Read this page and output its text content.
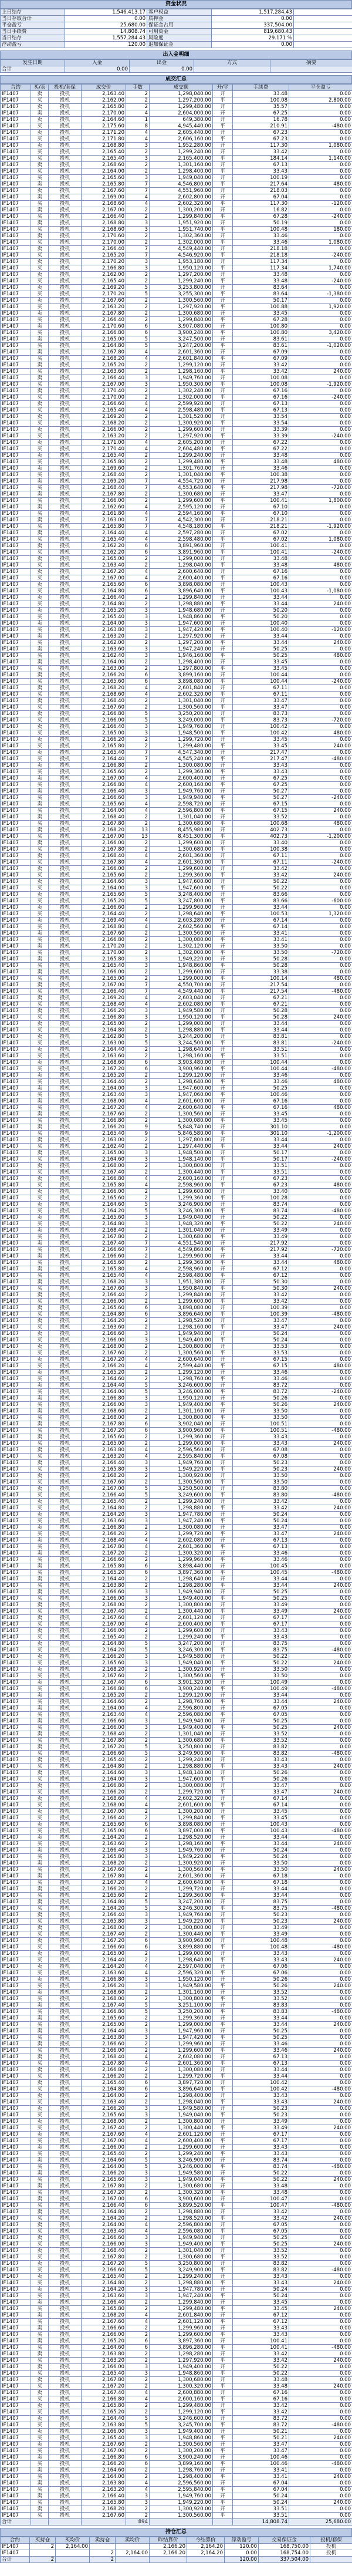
资金状况
上日结存	1,546,413.17	客户权益	1,517,284.43	
当日存取合计	0.00	质押金	0.00	
平仓盈亏	25,680.00	保证金占用	337,504.00	
当日手续费	14,808.74	可用资金	819,680.43	
当日结存	1,557,284.43	风险度	29.171 %	
浮动盈亏	120.00	追加保证金	0.00	
出入金明细
发生日期	入金	出金	方式	摘要
合计	0.00	0.00		
成交汇总
合约	买/卖	投机/套保	成交价	手数	成交额	开/平	手续费	平仓盈亏
IF1407	卖	投机	2,163.40	2	1,298,040.00	开	33.48	0.00
IF1407	买	投机	2,162.00	2	1,297,200.00	平	100.08	2,800.00
IF1407	卖	投机	2,165.80	2	1,299,480.00	开	35.57	0.00
IF1407	卖	投机	2,170.00	4	2,604,000.00	开	67.25	0.00
IF1407	卖	投机	2,164.60	1	649,380.00	开	16.78	0.00
IF1407	买	投机	2,175.60	8	4,945,440.00	平	210.91	-480.00
IF1407	卖	投机	2,171.20	4	2,605,440.00	开	67.23	0.00
IF1407	买	投机	2,171.80	4	2,606,160.00	平	67.23	0.00
IF1407	卖	投机	2,168.80	3	1,952,280.00	开	117.30	1,080.00
IF1407	买	投机	2,165.40	2	1,299,240.00	开	33.42	0.00
IF1407	买	投机	2,165.40	3	2,165,400.00	平	184.14	1,140.00
IF1407	卖	投机	2,168.60	2	1,301,160.00	开	67.13	0.00
IF1407	买	投机	2,164.00	2	1,298,400.00	平	33.43	0.00
IF1407	买	投机	2,165.60	3	1,949,040.00	开	100.19	0.00
IF1407	卖	投机	2,165.80	7	4,546,800.00	平	217.64	480.00
IF1407	卖	投机	2,167.60	7	4,551,960.00	开	218.03	0.00
IF1407	卖	投机	2,169.00	4	2,602,800.00	开	67.04	0.00
IF1407	买	投机	2,168.60	4	2,602,320.00	平	117.30	-120.00
IF1407	卖	投机	2,167.00	2	1,300,200.00	开	16.82	0.00
IF1407	买	投机	2,166.40	2	1,299,840.00	平	67.28	-240.00
IF1407	卖	投机	2,168.80	3	1,951,920.00	开	50.19	0.00
IF1407	买	投机	2,168.60	3	1,951,740.00	平	100.48	180.00
IF1407	卖	投机	2,170.60	2	1,302,360.00	开	33.46	0.00
IF1407	买	投机	2,170.00	2	1,302,000.00	平	33.46	1,080.00
IF1407	卖	投机	2,166.40	7	4,549,440.00	开	218.18	0.00
IF1407	买	投机	2,165.20	7	4,546,920.00	平	218.18	-240.00
IF1407	卖	投机	2,170.20	3	1,953,180.00	开	117.34	0.00
IF1407	买	投机	2,166.80	3	1,950,120.00	平	117.34	1,740.00
IF1407	卖	投机	2,162.00	2	1,297,200.00	开	33.48	0.00
IF1407	买	投机	2,165.40	2	1,299,240.00	平	33.48	-240.00
IF1407	卖	投机	2,169.20	5	3,253,800.00	开	83.64	0.00
IF1407	买	投机	2,170.20	5	3,255,300.00	平	83.64	-1,380.00
IF1407	卖	投机	2,167.60	2	1,300,560.00	开	50.17	0.00
IF1407	买	投机	2,163.20	2	1,297,920.00	平	100.88	1,920.00
IF1407	卖	投机	2,167.80	2	1,300,680.00	开	33.45	0.00
IF1407	买	投机	2,166.40	2	1,299,840.00	平	67.28	0.00
IF1407	卖	投机	2,170.60	6	3,907,080.00	开	100.80	0.00
IF1407	买	投机	2,166.80	6	3,900,240.00	平	100.80	3,420.00
IF1407	卖	投机	2,165.00	5	3,247,500.00	开	83.61	0.00
IF1407	买	投机	2,164.80	5	3,247,200.00	平	83.61	-1,020.00
IF1407	卖	投机	2,167.80	4	2,601,360.00	开	67.09	0.00
IF1407	买	投机	2,168.20	4	2,601,840.00	平	67.09	0.00
IF1407	卖	投机	2,165.20	2	1,299,120.00	开	33.42	0.00
IF1407	买	投机	2,163.60	2	1,298,160.00	平	33.42	240.00
IF1407	卖	投机	2,166.40	3	1,949,760.00	开	100.08	0.00
IF1407	买	投机	2,167.00	3	1,950,300.00	平	100.08	-1,920.00
IF1407	卖	投机	2,170.40	2	1,302,240.00	开	67.16	0.00
IF1407	买	投机	2,170.00	2	1,302,000.00	平	67.16	-240.00
IF1407	卖	投机	2,166.60	4	2,599,920.00	开	67.13	0.00
IF1407	买	投机	2,165.40	4	2,598,480.00	平	67.13	0.00
IF1407	卖	投机	2,169.20	2	1,301,520.00	开	33.54	0.00
IF1407	买	投机	2,168.20	2	1,300,920.00	平	33.54	0.00
IF1407	卖	投机	2,166.00	2	1,299,600.00	开	33.39	0.00
IF1407	买	投机	2,163.20	2	1,297,920.00	平	33.39	-240.00
IF1407	卖	投机	2,171.00	4	2,605,200.00	开	67.22	0.00
IF1407	买	投机	2,170.40	4	2,604,480.00	平	67.22	0.00
IF1407	卖	投机	2,165.40	2	1,299,240.00	开	33.48	0.00
IF1407	买	投机	2,165.80	2	1,299,480.00	平	33.48	480.00
IF1407	卖	投机	2,169.60	2	1,301,760.00	开	33.46	0.00
IF1407	买	投机	2,168.40	2	1,301,040.00	平	100.38	0.00
IF1407	卖	投机	2,169.20	7	4,554,720.00	开	217.98	0.00
IF1407	买	投机	2,168.40	7	4,553,640.00	平	217.98	-720.00
IF1407	卖	投机	2,167.80	2	1,300,680.00	开	33.47	0.00
IF1407	买	投机	2,166.00	2	1,299,600.00	平	100.41	1,800.00
IF1407	卖	投机	2,162.60	4	2,595,120.00	开	67.10	0.00
IF1407	买	投机	2,161.80	4	2,594,160.00	平	67.10	0.00
IF1407	卖	投机	2,163.00	7	4,542,300.00	开	218.21	0.00
IF1407	买	投机	2,165.80	7	4,548,180.00	平	218.21	-1,920.00
IF1407	卖	投机	2,164.40	4	2,597,280.00	开	67.02	0.00
IF1407	买	投机	2,165.40	4	2,598,480.00	平	67.02	1,080.00
IF1407	卖	投机	2,162.20	6	3,891,960.00	开	100.41	0.00
IF1407	买	投机	2,162.20	6	3,891,960.00	平	100.41	-240.00
IF1407	卖	投机	2,165.00	2	1,299,000.00	开	33.48	0.00
IF1407	买	投机	2,163.40	2	1,298,040.00	平	33.48	480.00
IF1407	卖	投机	2,167.20	4	2,600,640.00	开	67.16	0.00
IF1407	买	投机	2,167.00	4	2,600,400.00	平	67.16	0.00
IF1407	卖	投机	2,165.60	6	3,898,080.00	开	100.43	0.00
IF1407	买	投机	2,164.80	6	3,896,640.00	平	100.43	-1,080.00
IF1407	卖	投机	2,166.40	2	1,299,840.00	开	33.44	0.00
IF1407	买	投机	2,164.80	2	1,298,880.00	平	33.44	240.00
IF1407	卖	投机	2,165.20	3	1,948,680.00	开	50.20	0.00
IF1407	买	投机	2,165.40	3	1,948,860.00	平	50.20	0.00
IF1407	卖	投机	2,164.00	3	1,947,600.00	开	100.40	0.00
IF1407	买	投机	2,163.80	3	1,947,420.00	平	100.40	-120.00
IF1407	卖	投机	2,163.20	2	1,297,920.00	开	33.44	0.00
IF1407	买	投机	2,162.00	2	1,297,200.00	平	33.44	240.00
IF1407	卖	投机	2,163.60	3	1,947,240.00	开	50.25	0.00
IF1407	买	投机	2,162.40	3	1,946,160.00	平	50.25	480.00
IF1407	卖	投机	2,164.00	2	1,298,400.00	开	33.45	0.00
IF1407	买	投机	2,163.00	2	1,297,800.00	平	33.45	0.00
IF1407	卖	投机	2,166.20	6	3,899,160.00	开	100.44	0.00
IF1407	买	投机	2,165.60	6	3,898,080.00	平	100.44	-240.00
IF1407	卖	投机	2,168.20	4	2,601,840.00	开	67.11	0.00
IF1407	买	投机	2,168.60	4	2,602,320.00	平	67.11	0.00
IF1407	卖	投机	2,168.40	2	1,301,040.00	开	33.47	0.00
IF1407	买	投机	2,167.60	2	1,300,560.00	平	33.47	0.00
IF1407	卖	投机	2,166.80	5	3,250,200.00	开	83.73	0.00
IF1407	买	投机	2,166.00	5	3,249,000.00	平	83.73	-720.00
IF1407	卖	投机	2,166.40	3	1,949,760.00	开	100.42	0.00
IF1407	买	投机	2,165.00	3	1,948,500.00	平	100.42	480.00
IF1407	卖	投机	2,166.20	2	1,299,720.00	开	33.45	0.00
IF1407	买	投机	2,165.80	2	1,299,480.00	平	33.45	240.00
IF1407	卖	投机	2,165.40	7	4,547,340.00	开	217.47	0.00
IF1407	买	投机	2,164.40	7	4,545,240.00	平	217.47	-480.00
IF1407	卖	投机	2,166.80	2	1,300,080.00	开	33.43	0.00
IF1407	买	投机	2,165.60	2	1,299,360.00	平	33.43	0.00
IF1407	卖	投机	2,167.00	4	2,600,400.00	开	67.25	0.00
IF1407	买	投机	2,166.80	4	2,600,160.00	平	67.25	0.00
IF1407	卖	投机	2,166.40	3	1,949,760.00	开	50.27	0.00
IF1407	买	投机	2,166.60	3	1,949,940.00	平	50.27	-240.00
IF1407	卖	投机	2,165.60	4	2,598,720.00	开	67.15	0.00
IF1407	买	投机	2,164.00	4	2,596,800.00	平	67.15	240.00
IF1407	卖	投机	2,168.40	2	1,301,040.00	开	33.52	0.00
IF1407	买	投机	2,167.80	2	1,300,680.00	平	100.68	480.00
IF1407	卖	投机	2,168.20	13	8,455,980.00	开	402.73	0.00
IF1407	买	投机	2,167.00	13	8,451,300.00	平	402.73	-1,200.00
IF1407	卖	投机	2,166.00	2	1,299,600.00	开	33.40	0.00
IF1407	买	投机	2,167.80	2	1,300,680.00	平	100.38	0.00
IF1407	卖	投机	2,168.40	4	2,601,360.00	开	67.11	0.00
IF1407	买	投机	2,167.80	4	2,601,360.00	平	67.11	-240.00
IF1407	卖	投机	2,166.00	2	1,299,600.00	开	33.42	0.00
IF1407	买	投机	2,165.60	2	1,299,360.00	平	33.42	240.00
IF1407	卖	投机	2,164.60	3	1,947,600.00	开	50.22	0.00
IF1407	买	投机	2,164.00	3	1,947,600.00	平	50.22	0.00
IF1407	卖	投机	2,165.60	5	3,248,400.00	开	83.66	0.00
IF1407	买	投机	2,165.20	5	3,247,800.00	平	83.66	-600.00
IF1407	卖	投机	2,166.60	2	1,299,960.00	开	33.44	0.00
IF1407	买	投机	2,164.40	2	1,298,640.00	平	100.53	1,320.00
IF1407	卖	投机	2,169.40	4	2,603,280.00	开	67.14	0.00
IF1407	买	投机	2,168.80	4	2,602,560.00	平	67.14	0.00
IF1407	卖	投机	2,167.60	2	1,300,560.00	开	33.41	0.00
IF1407	买	投机	2,166.80	2	1,300,080.00	平	33.41	0.00
IF1407	卖	投机	2,170.20	2	1,302,120.00	开	33.50	0.00
IF1407	买	投机	2,170.00	2	1,302,000.00	平	33.50	-720.00
IF1407	卖	投机	2,165.80	3	1,949,220.00	开	50.28	0.00
IF1407	买	投机	2,165.40	3	1,948,860.00	平	50.28	0.00
IF1407	卖	投机	2,166.00	2	1,299,600.00	开	33.38	0.00
IF1407	买	投机	2,165.00	2	1,299,000.00	平	100.14	480.00
IF1407	卖	投机	2,167.00	7	4,550,700.00	开	217.54	0.00
IF1407	买	投机	2,166.40	7	4,549,440.00	平	217.54	-480.00
IF1407	卖	投机	2,169.20	4	2,603,040.00	开	67.21	0.00
IF1407	买	投机	2,168.40	4	2,602,080.00	平	67.21	0.00
IF1407	卖	投机	2,166.20	3	1,949,580.00	开	50.28	0.00
IF1407	买	投机	2,166.80	3	1,950,120.00	平	50.28	240.00
IF1407	卖	投机	2,165.00	2	1,299,000.00	开	33.44	0.00
IF1407	买	投机	2,164.80	2	1,298,880.00	平	33.44	0.00
IF1407	卖	投机	2,162.80	5	3,244,200.00	开	83.81	0.00
IF1407	买	投机	2,163.00	5	3,244,500.00	平	83.81	-240.00
IF1407	卖	投机	2,164.40	2	1,298,640.00	开	33.51	0.00
IF1407	买	投机	2,163.60	2	1,298,160.00	平	33.51	0.00
IF1407	卖	投机	2,168.60	6	3,903,480.00	开	100.44	0.00
IF1407	买	投机	2,167.20	6	3,900,960.00	平	100.44	-480.00
IF1407	卖	投机	2,165.20	2	1,299,120.00	开	33.46	0.00
IF1407	买	投机	2,164.40	2	1,298,640.00	平	33.46	480.00
IF1407	卖	投机	2,164.00	3	1,947,600.00	开	50.25	0.00
IF1407	买	投机	2,163.40	3	1,947,060.00	平	100.46	0.00
IF1407	卖	投机	2,168.00	4	2,601,600.00	开	67.16	0.00
IF1407	买	投机	2,167.20	4	2,600,640.00	平	67.16	480.00
IF1407	卖	投机	2,167.60	2	1,300,560.00	开	33.45	0.00
IF1407	买	投机	2,166.80	2	1,300,080.00	平	33.45	0.00
IF1407	卖	投机	2,166.20	9	5,848,740.00	开	301.10	0.00
IF1407	买	投机	2,165.40	9	5,846,580.00	平	301.10	-1,200.00
IF1407	卖	投机	2,163.00	2	1,297,800.00	开	33.44	0.00
IF1407	买	投机	2,162.40	2	1,297,440.00	平	33.44	240.00
IF1407	卖	投机	2,165.00	3	1,948,500.00	开	50.17	0.00
IF1407	买	投机	2,164.60	3	1,948,140.00	平	50.17	-240.00
IF1407	卖	投机	2,168.00	2	1,300,800.00	开	33.51	0.00
IF1407	买	投机	2,167.40	2	1,300,440.00	平	33.51	0.00
IF1407	卖	投机	2,166.80	4	2,600,160.00	开	67.23	0.00
IF1407	买	投机	2,165.80	4	2,598,960.00	平	67.23	480.00
IF1407	卖	投机	2,166.00	2	1,299,600.00	开	33.40	0.00
IF1407	买	投机	2,165.60	2	1,299,360.00	平	100.28	0.00
IF1407	卖	投机	2,164.60	5	3,246,900.00	开	83.74	0.00
IF1407	买	投机	2,164.20	5	3,246,300.00	平	83.74	-480.00
IF1407	卖	投机	2,165.60	3	1,949,040.00	开	50.22	0.00
IF1407	买	投机	2,164.80	3	1,948,320.00	平	50.22	240.00
IF1407	卖	投机	2,168.40	2	1,301,040.00	开	33.49	0.00
IF1407	买	投机	2,167.80	2	1,300,680.00	平	33.49	0.00
IF1407	卖	投机	2,167.40	7	4,551,540.00	开	217.92	0.00
IF1407	买	投机	2,166.60	7	4,549,860.00	平	217.92	-720.00
IF1407	卖	投机	2,166.60	2	1,299,960.00	开	33.44	0.00
IF1407	买	投机	2,165.60	2	1,299,360.00	平	33.44	480.00
IF1407	卖	投机	2,165.80	4	2,598,960.00	开	67.12	0.00
IF1407	买	投机	2,165.40	4	2,598,480.00	平	67.12	0.00
IF1407	卖	投机	2,168.20	3	1,951,380.00	开	50.30	0.00
IF1407	买	投机	2,167.60	3	1,950,840.00	平	50.30	240.00
IF1407	卖	投机	2,166.40	2	1,299,840.00	开	33.42	0.00
IF1407	买	投机	2,166.00	2	1,299,600.00	平	33.42	0.00
IF1407	卖	投机	2,165.60	6	3,898,080.00	开	100.39	0.00
IF1407	买	投机	2,164.80	6	3,896,640.00	平	100.39	-480.00
IF1407	卖	投机	2,164.20	2	1,298,520.00	开	33.47	0.00
IF1407	买	投机	2,163.60	2	1,298,160.00	平	33.47	240.00
IF1407	卖	投机	2,166.60	3	1,949,940.00	开	50.24	0.00
IF1407	买	投机	2,166.00	3	1,949,400.00	平	50.24	0.00
IF1407	卖	投机	2,168.00	2	1,300,800.00	开	33.53	0.00
IF1407	买	投机	2,167.60	2	1,300,560.00	平	33.53	0.00
IF1407	卖	投机	2,167.20	4	2,600,640.00	开	67.15	0.00
IF1407	买	投机	2,166.20	4	2,599,440.00	平	67.15	480.00
IF1407	卖	投机	2,165.20	2	1,299,120.00	开	33.46	0.00
IF1407	买	投机	2,164.60	2	1,298,760.00	平	33.46	0.00
IF1407	卖	投机	2,164.40	5	3,246,600.00	开	83.72	0.00
IF1407	买	投机	2,164.00	5	3,246,000.00	平	83.72	-240.00
IF1407	卖	投机	2,166.80	3	1,950,120.00	开	50.26	0.00
IF1407	买	投机	2,166.00	3	1,949,400.00	平	50.26	240.00
IF1407	卖	投机	2,168.60	2	1,301,160.00	开	33.50	0.00
IF1407	买	投机	2,168.00	2	1,300,800.00	平	33.50	0.00
IF1407	卖	投机	2,167.80	6	3,902,040.00	开	100.51	0.00
IF1407	买	投机	2,167.20	6	3,900,960.00	平	100.51	-480.00
IF1407	卖	投机	2,165.60	2	1,299,360.00	开	33.43	0.00
IF1407	买	投机	2,165.00	2	1,299,000.00	平	33.43	240.00
IF1407	卖	投机	2,163.80	4	2,596,560.00	开	67.08	0.00
IF1407	买	投机	2,163.20	4	2,595,840.00	平	67.08	0.00
IF1407	卖	投机	2,166.40	3	1,949,760.00	开	50.23	0.00
IF1407	买	投机	2,165.80	3	1,949,220.00	平	50.23	240.00
IF1407	卖	投机	2,168.20	2	1,300,920.00	开	33.50	0.00
IF1407	买	投机	2,167.60	2	1,300,560.00	平	33.50	0.00
IF1407	卖	投机	2,167.00	5	3,250,500.00	开	83.80	0.00
IF1407	买	投机	2,166.40	5	3,249,600.00	平	83.80	-480.00
IF1407	卖	投机	2,165.40	2	1,299,240.00	开	33.42	0.00
IF1407	买	投机	2,164.80	2	1,298,880.00	平	33.42	240.00
IF1407	卖	投机	2,164.20	3	1,947,780.00	开	50.24	0.00
IF1407	买	投机	2,163.60	3	1,947,240.00	平	50.24	0.00
IF1407	卖	投机	2,166.80	2	1,300,080.00	开	33.47	0.00
IF1407	买	投机	2,166.20	2	1,299,720.00	平	33.47	240.00
IF1407	卖	投机	2,168.40	4	2,602,080.00	开	67.13	0.00
IF1407	买	投机	2,167.80	4	2,601,360.00	平	67.13	0.00
IF1407	卖	投机	2,167.20	2	1,300,320.00	开	33.46	0.00
IF1407	买	投机	2,166.60	2	1,299,960.00	平	33.46	0.00
IF1407	卖	投机	2,165.80	6	3,898,440.00	开	100.45	0.00
IF1407	买	投机	2,165.20	6	3,897,360.00	平	100.45	-480.00
IF1407	卖	投机	2,164.40	2	1,298,640.00	开	33.44	0.00
IF1407	买	投机	2,163.80	2	1,298,280.00	平	33.44	240.00
IF1407	卖	投机	2,166.60	3	1,949,940.00	开	50.25	0.00
IF1407	买	投机	2,166.00	3	1,949,400.00	平	50.25	0.00
IF1407	卖	投机	2,168.00	2	1,300,800.00	开	33.49	0.00
IF1407	买	投机	2,167.40	2	1,300,440.00	平	33.49	240.00
IF1407	卖	投机	2,167.60	4	2,601,120.00	开	67.17	0.00
IF1407	买	投机	2,167.00	4	2,600,400.00	平	67.17	0.00
IF1407	卖	投机	2,166.00	2	1,299,600.00	开	33.43	0.00
IF1407	买	投机	2,165.40	2	1,299,240.00	平	33.43	0.00
IF1407	卖	投机	2,164.80	5	3,247,200.00	开	83.75	0.00
IF1407	买	投机	2,164.20	5	3,246,300.00	平	83.75	-480.00
IF1407	卖	投机	2,166.20	3	1,949,580.00	开	50.22	0.00
IF1407	买	投机	2,165.60	3	1,949,040.00	平	50.22	240.00
IF1407	卖	投机	2,168.20	2	1,300,920.00	开	33.50	0.00
IF1407	买	投机	2,167.60	2	1,300,560.00	平	33.50	0.00
IF1407	卖	投机	2,167.40	6	3,901,320.00	开	100.49	0.00
IF1407	买	投机	2,166.80	6	3,900,240.00	平	100.49	-480.00
IF1407	卖	投机	2,165.20	2	1,299,120.00	开	33.44	0.00
IF1407	买	投机	2,164.60	2	1,298,760.00	平	33.44	240.00
IF1407	卖	投机	2,164.00	4	2,596,800.00	开	67.05	0.00
IF1407	买	投机	2,163.40	4	2,596,080.00	平	67.05	0.00
IF1407	卖	投机	2,166.60	3	1,949,940.00	开	50.25	0.00
IF1407	买	投机	2,166.00	3	1,949,400.00	平	50.25	240.00
IF1407	卖	投机	2,168.40	2	1,301,040.00	开	33.52	0.00
IF1407	买	投机	2,167.80	2	1,300,680.00	平	33.52	0.00
IF1407	卖	投机	2,167.20	5	3,250,800.00	开	83.82	0.00
IF1407	买	投机	2,166.60	5	3,249,900.00	平	83.82	-480.00
IF1407	卖	投机	2,165.40	2	1,299,240.00	开	33.43	0.00
IF1407	买	投机	2,164.80	2	1,298,880.00	平	33.43	240.00
IF1407	卖	投机	2,164.60	3	1,948,140.00	开	50.26	0.00
IF1407	买	投机	2,164.00	3	1,947,600.00	平	50.26	0.00
IF1407	卖	投机	2,166.80	2	1,300,080.00	开	33.47	0.00
IF1407	买	投机	2,166.20	2	1,299,720.00	平	33.47	240.00
IF1407	卖	投机	2,168.60	4	2,602,320.00	开	67.14	0.00
IF1407	买	投机	2,168.00	4	2,601,600.00	平	67.14	0.00
IF1407	卖	投机	2,167.00	2	1,300,200.00	开	33.45	0.00
IF1407	买	投机	2,166.40	2	1,299,840.00	平	33.45	0.00
IF1407	卖	投机	2,165.60	6	3,898,080.00	开	100.43	0.00
IF1407	买	投机	2,165.00	6	3,897,000.00	平	100.43	-480.00
IF1407	卖	投机	2,164.20	2	1,298,520.00	开	33.44	0.00
IF1407	买	投机	2,163.60	2	1,298,160.00	平	33.44	240.00
IF1407	卖	投机	2,166.40	3	1,949,760.00	开	50.24	0.00
IF1407	买	投机	2,165.80	3	1,949,220.00	平	50.24	0.00
IF1407	卖	投机	2,168.20	2	1,300,920.00	开	33.50	0.00
IF1407	买	投机	2,167.60	2	1,300,560.00	平	33.50	240.00
IF1407	卖	投机	2,167.80	4	2,601,360.00	开	67.18	0.00
IF1407	买	投机	2,167.20	4	2,600,640.00	平	67.18	0.00
IF1407	卖	投机	2,166.20	2	1,299,720.00	开	33.44	0.00
IF1407	买	投机	2,165.60	2	1,299,360.00	平	33.44	0.00
IF1407	卖	投机	2,164.80	5	3,247,200.00	开	83.75	0.00
IF1407	买	投机	2,164.20	5	3,246,300.00	平	83.75	-480.00
IF1407	卖	投机	2,166.40	3	1,949,760.00	开	50.23	0.00
IF1407	买	投机	2,165.80	3	1,949,220.00	平	50.23	240.00
IF1407	卖	投机	2,168.00	2	1,300,800.00	开	33.49	0.00
IF1407	买	投机	2,167.40	2	1,300,440.00	平	33.49	0.00
IF1407	卖	投机	2,167.20	6	3,900,960.00	开	100.48	0.00
IF1407	买	投机	2,166.60	6	3,899,880.00	平	100.48	-480.00
IF1407	卖	投机	2,165.00	2	1,299,000.00	开	33.43	0.00
IF1407	买	投机	2,164.40	2	1,298,640.00	平	33.43	240.00
IF1407	卖	投机	2,164.20	4	2,597,040.00	开	67.06	0.00
IF1407	买	投机	2,163.60	4	2,596,320.00	平	67.06	0.00
IF1407	卖	投机	2,166.80	3	1,950,120.00	开	50.26	0.00
IF1407	买	投机	2,166.20	3	1,949,580.00	平	50.26	240.00
IF1407	卖	投机	2,168.60	2	1,301,160.00	开	33.52	0.00
IF1407	买	投机	2,168.00	2	1,300,800.00	平	33.52	0.00
IF1407	卖	投机	2,167.40	5	3,251,100.00	开	83.83	0.00
IF1407	买	投机	2,166.80	5	3,250,200.00	平	83.83	-480.00
IF1407	卖	投机	2,165.60	2	1,299,360.00	开	33.44	0.00
IF1407	买	投机	2,165.00	2	1,299,000.00	平	33.44	240.00
IF1407	卖	投机	2,164.40	3	1,947,960.00	开	50.25	0.00
IF1407	买	投机	2,163.80	3	1,947,420.00	平	50.25	0.00
IF1407	卖	投机	2,166.60	2	1,299,960.00	开	33.46	0.00
IF1407	买	投机	2,166.00	2	1,299,600.00	平	33.46	240.00
IF1407	卖	投机	2,168.40	4	2,602,080.00	开	67.13	0.00
IF1407	买	投机	2,167.80	4	2,601,360.00	平	67.13	0.00
IF1407	卖	投机	2,166.80	2	1,300,080.00	开	33.44	0.00
IF1407	买	投机	2,166.20	2	1,299,720.00	平	33.44	0.00
IF1407	卖	投机	2,165.40	6	3,897,720.00	开	100.42	0.00
IF1407	买	投机	2,164.80	6	3,896,640.00	平	100.42	-480.00
IF1407	卖	投机	2,164.00	2	1,298,400.00	开	33.43	0.00
IF1407	买	投机	2,163.40	2	1,298,040.00	平	33.43	240.00
IF1407	卖	投机	2,166.20	3	1,949,580.00	开	50.23	0.00
IF1407	买	投机	2,165.60	3	1,949,040.00	平	50.23	0.00
IF1407	卖	投机	2,168.00	2	1,300,800.00	开	33.49	0.00
IF1407	买	投机	2,167.40	2	1,300,440.00	平	33.49	240.00
IF1407	卖	投机	2,167.60	4	2,601,120.00	开	67.17	0.00
IF1407	买	投机	2,167.00	4	2,600,400.00	平	67.17	0.00
IF1407	卖	投机	2,166.00	2	1,299,600.00	开	33.43	0.00
IF1407	买	投机	2,165.40	2	1,299,240.00	平	33.43	0.00
IF1407	卖	投机	2,164.60	5	3,246,900.00	开	83.74	0.00
IF1407	买	投机	2,164.00	5	3,246,000.00	平	83.74	-480.00
IF1407	卖	投机	2,166.20	3	1,949,580.00	开	50.22	0.00
IF1407	买	投机	2,165.60	3	1,949,040.00	平	50.22	240.00
IF1407	卖	投机	2,167.80	2	1,300,680.00	开	33.48	0.00
IF1407	买	投机	2,167.20	2	1,300,320.00	平	33.48	0.00
IF1407	卖	投机	2,167.00	6	3,900,600.00	开	100.47	0.00
IF1407	买	投机	2,166.40	6	3,899,520.00	平	100.47	-480.00
IF1407	卖	投机	2,164.80	2	1,298,880.00	开	33.42	0.00
IF1407	买	投机	2,164.20	2	1,298,520.00	平	33.42	240.00
IF1407	卖	投机	2,164.00	4	2,596,800.00	开	67.05	0.00
IF1407	买	投机	2,163.40	4	2,596,080.00	平	67.05	0.00
IF1407	卖	投机	2,166.60	3	1,949,940.00	开	50.25	0.00
IF1407	买	投机	2,166.00	3	1,949,400.00	平	50.25	240.00
IF1407	卖	投机	2,168.40	2	1,301,040.00	开	33.52	0.00
IF1407	买	投机	2,167.80	2	1,300,680.00	平	33.52	0.00
IF1407	卖	投机	2,167.20	5	3,250,800.00	开	83.82	0.00
IF1407	买	投机	2,166.60	5	3,249,900.00	平	83.82	-480.00
IF1407	卖	投机	2,165.40	2	1,299,240.00	开	33.43	0.00
IF1407	买	投机	2,164.80	2	1,298,880.00	平	33.43	240.00
IF1407	卖	投机	2,164.20	3	1,947,780.00	开	50.24	0.00
IF1407	买	投机	2,163.60	3	1,947,240.00	平	50.24	0.00
IF1407	卖	投机	2,166.40	2	1,299,840.00	开	33.45	0.00
IF1407	买	投机	2,165.80	2	1,299,480.00	平	33.45	240.00
IF1407	卖	投机	2,168.20	4	2,601,840.00	开	67.12	0.00
IF1407	买	投机	2,167.60	4	2,601,120.00	平	67.12	0.00
IF1407	卖	投机	2,166.60	2	1,299,960.00	开	33.43	0.00
IF1407	买	投机	2,166.00	2	1,299,600.00	平	33.43	0.00
IF1407	卖	投机	2,165.20	6	3,897,360.00	开	100.41	0.00
IF1407	买	投机	2,164.60	6	3,896,280.00	平	100.41	-480.00
IF1407	卖	投机	2,163.80	2	1,298,280.00	开	33.42	0.00
IF1407	买	投机	2,163.20	2	1,297,920.00	平	33.42	240.00
IF1407	卖	投机	2,166.00	3	1,949,400.00	开	50.22	0.00
IF1407	买	投机	2,165.40	3	1,948,860.00	平	50.22	0.00
IF1407	卖	投机	2,167.80	2	1,300,680.00	开	33.48	0.00
IF1407	买	投机	2,167.20	2	1,300,320.00	平	33.48	240.00
IF1407	卖	投机	2,167.40	4	2,600,880.00	开	67.16	0.00
IF1407	买	投机	2,166.80	4	2,600,160.00	平	67.16	0.00
IF1407	卖	投机	2,165.80	2	1,299,480.00	开	33.42	0.00
IF1407	买	投机	2,165.20	2	1,299,120.00	平	33.42	0.00
IF1407	卖	投机	2,164.40	5	3,246,600.00	开	83.72	0.00
IF1407	买	投机	2,163.80	5	3,245,700.00	平	83.72	-480.00
IF1407	卖	投机	2,166.00	3	1,949,400.00	开	50.21	0.00
IF1407	买	投机	2,165.40	3	1,948,860.00	平	50.21	240.00
IF1407	卖	投机	2,167.60	2	1,300,560.00	开	33.47	0.00
IF1407	买	投机	2,167.00	2	1,300,200.00	平	33.47	0.00
IF1407	卖	投机	2,166.80	6	3,900,240.00	开	100.46	0.00
IF1407	买	投机	2,166.20	6	3,899,160.00	平	100.46	-480.00
IF1407	卖	投机	2,164.60	2	1,298,760.00	开	33.41	0.00
IF1407	买	投机	2,164.00	2	1,298,400.00	平	33.41	240.00
IF1407	卖	投机	2,163.80	4	2,596,560.00	开	67.04	0.00
IF1407	买	投机	2,163.20	4	2,595,840.00	平	67.04	0.00
IF1407	卖	投机	2,166.40	3	1,949,760.00	开	50.24	0.00
IF1407	买	投机	2,165.80	3	1,949,220.00	平	50.24	240.00
IF1407	卖	投机	2,168.20	2	1,300,920.00	开	33.51	0.00
IF1407	买	投机	2,167.60	2	1,300,560.00	平	33.51	0.00
合计				894			14,808.74	25,680.00
持仓汇总
合约	买持仓	买均价	卖持仓	卖均价	昨结算价	今结算价	浮动盈亏	交易保证金	投机/套保
IF1407	2	2,164.00			2,166.20	2,164.20	120.00	168,750.00	投机
IF1407			2	2,164.00	2,166.20	2,164.20	0.00	168,754.00	投机
合计	2		2				120.00	337,504.00	
